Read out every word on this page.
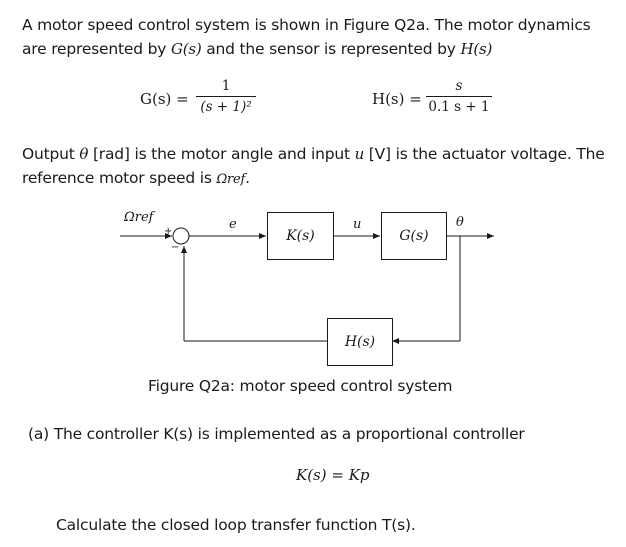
A motor speed control system is shown in Figure Q2a. The motor dynamics
are represented by G(s) and the sensor is represented by H(s)
G(s) =
1
(s + 1)²	H(s) =
s
0.1 s + 1
Output θ [rad] is the motor angle and input u [V] is the actuator voltage. The
reference motor speed is Ωref.
Ωref
+
−
e	u	θ
K(s)	G(s)
H(s)
Figure Q2a: motor speed control system
(a) The controller K(s) is implemented as a proportional controller
K(s) = Kp
Calculate the closed loop transfer function T(s).
